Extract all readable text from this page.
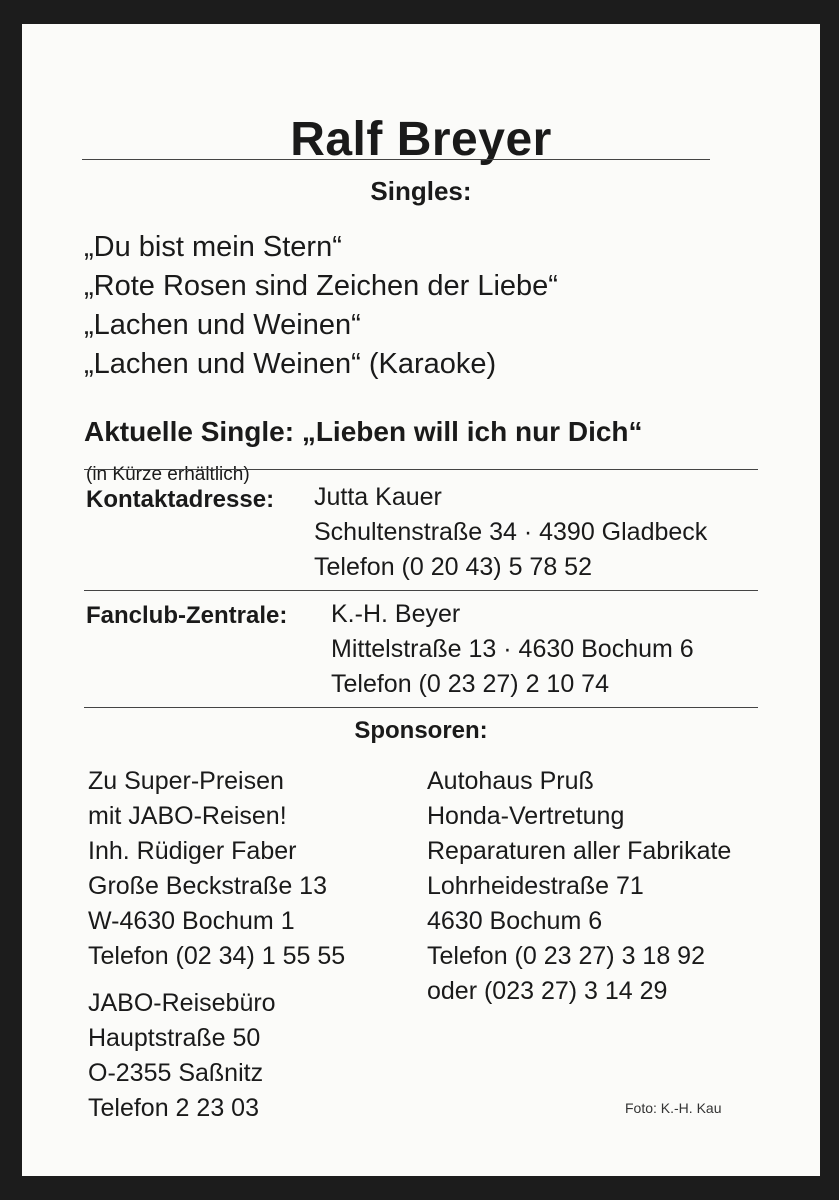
Ralf Breyer
Singles:
„Du bist mein Stern“
„Rote Rosen sind Zeichen der Liebe“
„Lachen und Weinen“
„Lachen und Weinen“ (Karaoke)
Aktuelle Single: „Lieben will ich nur Dich“
(in Kürze erhältlich)
Kontaktadresse: Jutta Kauer
Schultenstraße 34 · 4390 Gladbeck
Telefon (0 20 43) 5 78 52
Fanclub-Zentrale: K.-H. Beyer
Mittelstraße 13 · 4630 Bochum 6
Telefon (0 23 27) 2 10 74
Sponsoren:
Zu Super-Preisen
mit JABO-Reisen!
Inh. Rüdiger Faber
Große Beckstraße 13
W-4630 Bochum 1
Telefon (02 34) 1 55 55
JABO-Reisebüro
Hauptstraße 50
O-2355 Saßnitz
Telefon 2 23 03
Autohaus Pruß
Honda-Vertretung
Reparaturen aller Fabrikate
Lohrheidestraße 71
4630 Bochum 6
Telefon (0 23 27) 3 18 92
oder (023 27) 3 14 29
Foto: K.-H. Kau
